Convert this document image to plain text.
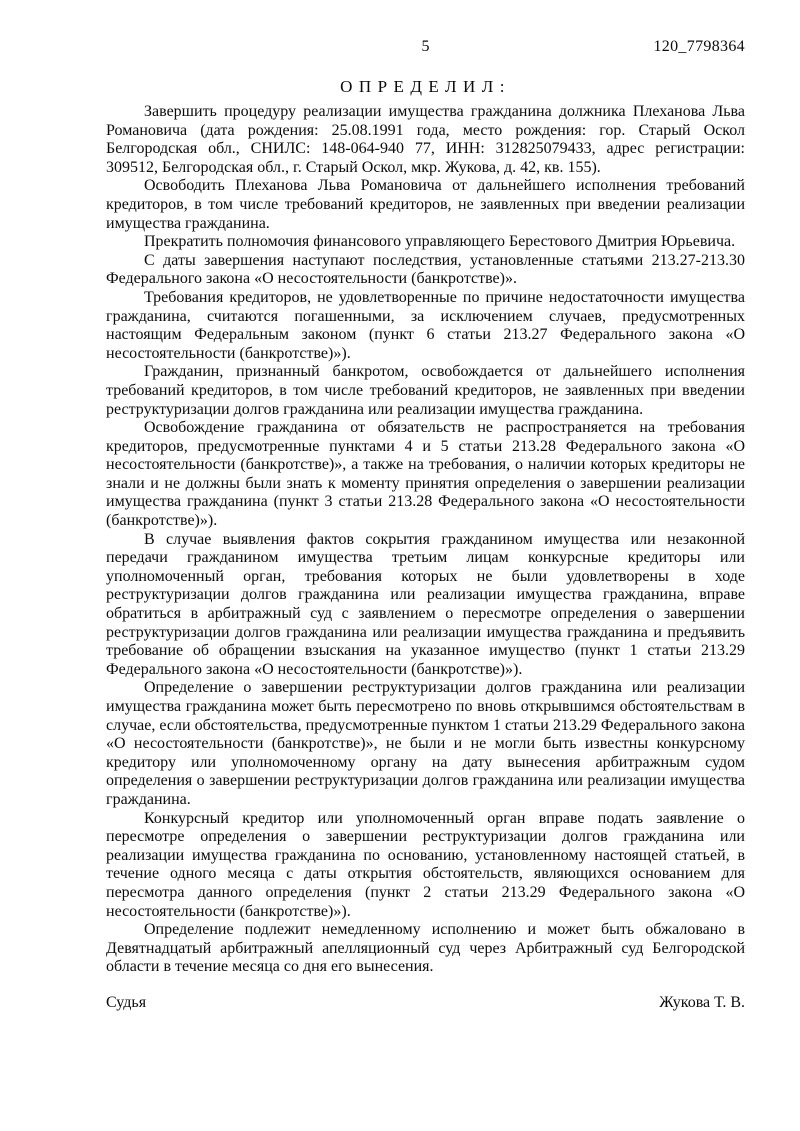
5	120_7798364
ОПРЕДЕЛИЛ:

Завершить процедуру реализации имущества гражданина должника Плеханова Льва Романовича (дата рождения: 25.08.1991 года, место рождения: гор. Старый Оскол Белгородская обл., СНИЛС: 148-064-940 77, ИНН: 312825079433, адрес регистрации: 309512, Белгородская обл., г. Старый Оскол, мкр. Жукова, д. 42, кв. 155).

Освободить Плеханова Льва Романовича от дальнейшего исполнения требований кредиторов, в том числе требований кредиторов, не заявленных при введении реализации имущества гражданина.

Прекратить полномочия финансового управляющего Берестового Дмитрия Юрьевича.

С даты завершения наступают последствия, установленные статьями 213.27-213.30 Федерального закона «О несостоятельности (банкротстве)».

Требования кредиторов, не удовлетворенные по причине недостаточности имущества гражданина, считаются погашенными, за исключением случаев, предусмотренных настоящим Федеральным законом (пункт 6 статьи 213.27 Федерального закона «О несостоятельности (банкротстве)»).

Гражданин, признанный банкротом, освобождается от дальнейшего исполнения требований кредиторов, в том числе требований кредиторов, не заявленных при введении реструктуризации долгов гражданина или реализации имущества гражданина.

Освобождение гражданина от обязательств не распространяется на требования кредиторов, предусмотренные пунктами 4 и 5 статьи 213.28 Федерального закона «О несостоятельности (банкротстве)», а также на требования, о наличии которых кредиторы не знали и не должны были знать к моменту принятия определения о завершении реализации имущества гражданина (пункт 3 статьи 213.28 Федерального закона «О несостоятельности (банкротстве)»).

В случае выявления фактов сокрытия гражданином имущества или незаконной передачи гражданином имущества третьим лицам конкурсные кредиторы или уполномоченный орган, требования которых не были удовлетворены в ходе реструктуризации долгов гражданина или реализации имущества гражданина, вправе обратиться в арбитражный суд с заявлением о пересмотре определения о завершении реструктуризации долгов гражданина или реализации имущества гражданина и предъявить требование об обращении взыскания на указанное имущество (пункт 1 статьи 213.29 Федерального закона «О несостоятельности (банкротстве)»).

Определение о завершении реструктуризации долгов гражданина или реализации имущества гражданина может быть пересмотрено по вновь открывшимся обстоятельствам в случае, если обстоятельства, предусмотренные пунктом 1 статьи 213.29 Федерального закона «О несостоятельности (банкротстве)», не были и не могли быть известны конкурсному кредитору или уполномоченному органу на дату вынесения арбитражным судом определения о завершении реструктуризации долгов гражданина или реализации имущества гражданина.

Конкурсный кредитор или уполномоченный орган вправе подать заявление о пересмотре определения о завершении реструктуризации долгов гражданина или реализации имущества гражданина по основанию, установленному настоящей статьей, в течение одного месяца с даты открытия обстоятельств, являющихся основанием для пересмотра данного определения (пункт 2 статьи 213.29 Федерального закона «О несостоятельности (банкротстве)»).

Определение подлежит немедленному исполнению и может быть обжаловано в Девятнадцатый арбитражный апелляционный суд через Арбитражный суд Белгородской области в течение месяца со дня его вынесения.

Судья	Жукова Т. В.
